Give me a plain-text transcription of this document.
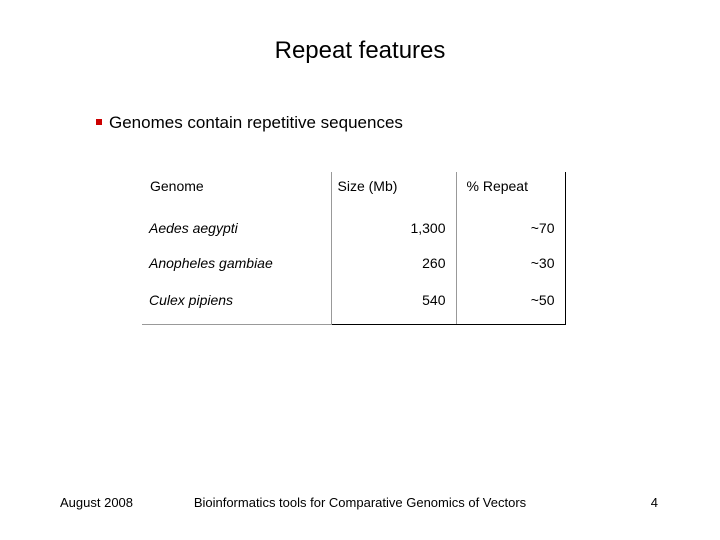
Repeat features
Genomes contain repetitive sequences
Genome	Size (Mb)	% Repeat
Aedes aegypti	1,300	~70
Anopheles gambiae	260	~30
Culex pipiens	540	~50
August 2008	Bioinformatics tools for Comparative Genomics of Vectors	4
